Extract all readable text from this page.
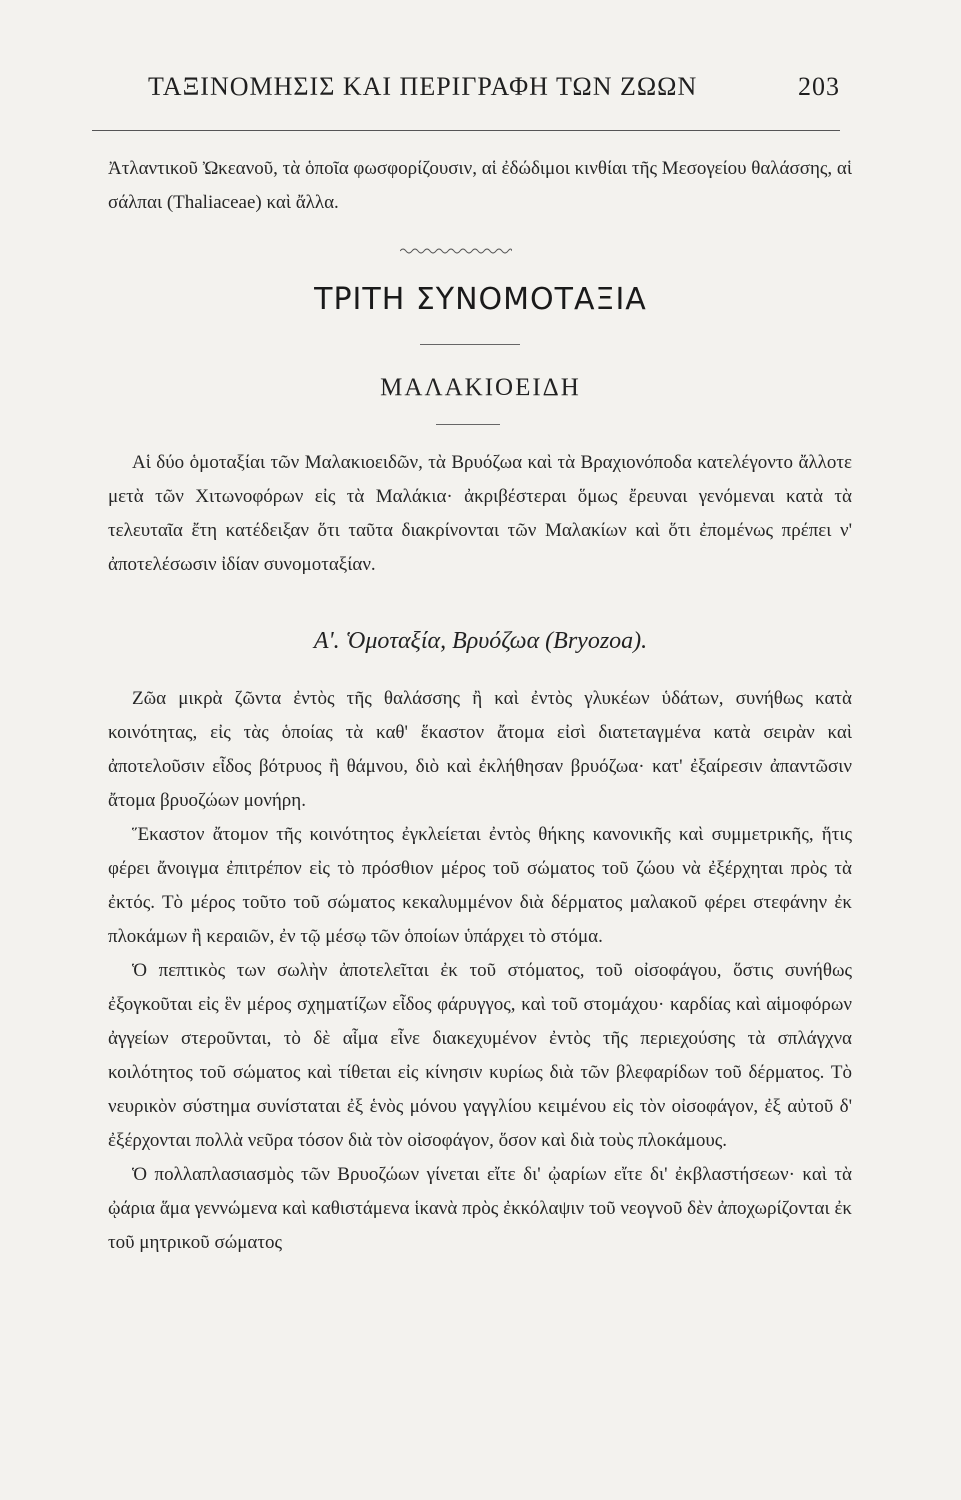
ΤΑΞΙΝΟΜΗΣΙΣ ΚΑΙ ΠΕΡΙΓΡΑΦΗ ΤΩΝ ΖΩΩΝ	203

Ἀτλαντικοῦ Ὠκεανοῦ, τὰ ὁποῖα φωσφορίζουσιν, αἱ ἐδώδιμοι κινθίαι τῆς Μεσογείου θαλάσσης, αἱ σάλπαι (Thaliaceae) καὶ ἄλλα.

ΤΡΙΤΗ ΣΥΝΟΜΟΤΑΞΙΑ
ΜΑΛΑΚΙΟΕΙΔΗ

Αἱ δύο ὁμοταξίαι τῶν Μαλακιοειδῶν, τὰ Βρυόζωα καὶ τὰ Βραχιονόποδα κατελέγοντο ἄλλοτε μετὰ τῶν Χιτωνοφόρων εἰς τὰ Μαλάκια· ἀκριβέστεραι ὅμως ἔρευναι γενόμεναι κατὰ τὰ τελευταῖα ἔτη κατέδειξαν ὅτι ταῦτα διακρίνονται τῶν Μαλακίων καὶ ὅτι ἐπομένως πρέπει ν' ἀποτελέσωσιν ἰδίαν συνομοταξίαν.

Α'. Ὁμοταξία, Βρυόζωα (Bryozoa).

Ζῶα μικρὰ ζῶντα ἐντὸς τῆς θαλάσσης ἢ καὶ ἐντὸς γλυκέων ὑδάτων, συνήθως κατὰ κοινότητας, εἰς τὰς ὁποίας τὰ καθ' ἕκαστον ἄτομα εἰσὶ διατεταγμένα κατὰ σειρὰν καὶ ἀποτελοῦσιν εἶδος βότρυος ἢ θάμνου, διὸ καὶ ἐκλήθησαν βρυόζωα· κατ' ἐξαίρεσιν ἀπαντῶσιν ἄτομα βρυοζώων μονήρη.

Ἕκαστον ἄτομον τῆς κοινότητος ἐγκλείεται ἐντὸς θήκης κανονικῆς καὶ συμμετρικῆς, ἥτις φέρει ἄνοιγμα ἐπιτρέπον εἰς τὸ πρόσθιον μέρος τοῦ σώματος τοῦ ζώου νὰ ἐξέρχηται πρὸς τὰ ἐκτός. Τὸ μέρος τοῦτο τοῦ σώματος κεκαλυμμένον διὰ δέρματος μαλακοῦ φέρει στεφάνην ἐκ πλοκάμων ἢ κεραιῶν, ἐν τῷ μέσῳ τῶν ὁποίων ὑπάρχει τὸ στόμα.

Ὁ πεπτικὸς των σωλὴν ἀποτελεῖται ἐκ τοῦ στόματος, τοῦ οἰσοφάγου, ὅστις συνήθως ἐξογκοῦται εἰς ἓν μέρος σχηματίζων εἶδος φάρυγγος, καὶ τοῦ στομάχου· καρδίας καὶ αἱμοφόρων ἀγγείων στεροῦνται, τὸ δὲ αἷμα εἶνε διακεχυμένον ἐντὸς τῆς περιεχούσης τὰ σπλάγχνα κοιλότητος τοῦ σώματος καὶ τίθεται εἰς κίνησιν κυρίως διὰ τῶν βλεφαρίδων τοῦ δέρματος. Τὸ νευρικὸν σύστημα συνίσταται ἐξ ἑνὸς μόνου γαγγλίου κειμένου εἰς τὸν οἰσοφάγον, ἐξ αὐτοῦ δ' ἐξέρχονται πολλὰ νεῦρα τόσον διὰ τὸν οἰσοφάγον, ὅσον καὶ διὰ τοὺς πλοκάμους.

Ὁ πολλαπλασιασμὸς τῶν Βρυοζώων γίνεται εἴτε δι' ᾠαρίων εἴτε δι' ἐκβλαστήσεων· καὶ τὰ ᾠάρια ἅμα γεννώμενα καὶ καθιστάμενα ἱκανὰ πρὸς ἐκκόλαψιν τοῦ νεογνοῦ δὲν ἀποχωρίζονται ἐκ τοῦ μητρικοῦ σώματος
